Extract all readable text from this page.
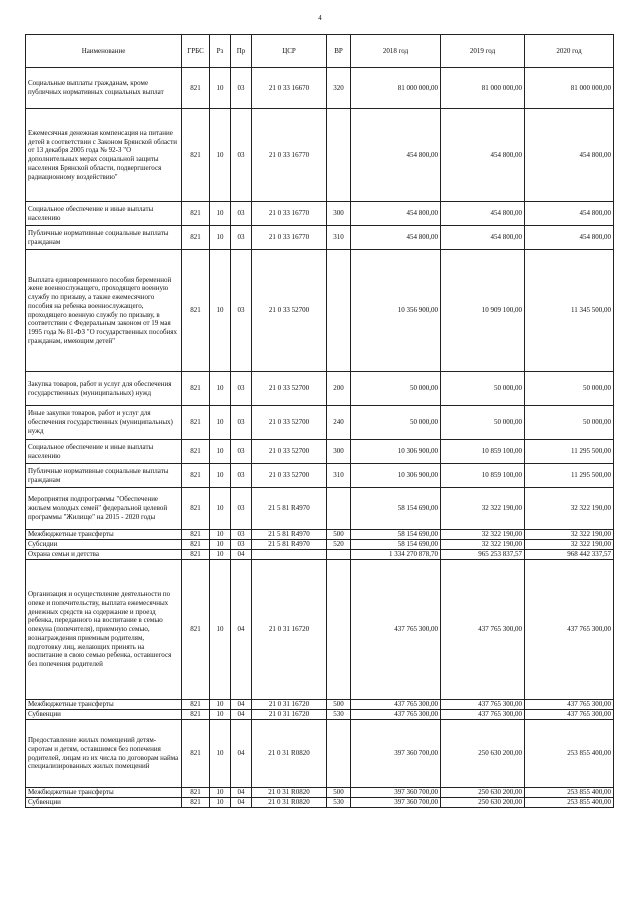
4
Наименование	ГРБС	Рз	Пр	ЦСР	ВР	2018 год	2019 год	2020 год
Социальные выплаты гражданам, кроме публичных нормативных социальных выплат	821	10	03	21 0 33 16670	320	81 000 000,00	81 000 000,00	81 000 000,00
Ежемесячная денежная компенсация на питание детей в соответствии с Законом Брянской области от 13 декабря 2005 года № 92-З "О дополнительных мерах социальной защиты населения Брянской области, подвергшегося радиационному воздействию"	821	10	03	21 0 33 16770		454 800,00	454 800,00	454 800,00
Социальное обеспечение и иные выплаты населению	821	10	03	21 0 33 16770	300	454 800,00	454 800,00	454 800,00
Публичные нормативные социальные выплаты гражданам	821	10	03	21 0 33 16770	310	454 800,00	454 800,00	454 800,00
Выплата единовременного пособия беременной жене военнослужащего, проходящего военную службу по призыву, а также ежемесячного пособия на ребенка военнослужащего, проходящего военную службу по призыву, в соответствии с Федеральным законом от 19 мая 1995 года № 81-ФЗ "О государственных пособиях гражданам, имеющим детей"	821	10	03	21 0 33 52700		10 356 900,00	10 909 100,00	11 345 500,00
Закупка товаров, работ и услуг для обеспечения государственных (муниципальных) нужд	821	10	03	21 0 33 52700	200	50 000,00	50 000,00	50 000,00
Иные закупки товаров, работ и услуг для обеспечения государственных (муниципальных) нужд	821	10	03	21 0 33 52700	240	50 000,00	50 000,00	50 000,00
Социальное обеспечение и иные выплаты населению	821	10	03	21 0 33 52700	300	10 306 900,00	10 859 100,00	11 295 500,00
Публичные нормативные социальные выплаты гражданам	821	10	03	21 0 33 52700	310	10 306 900,00	10 859 100,00	11 295 500,00
Мероприятия подпрограммы "Обеспечение жильем молодых семей" федеральной целевой программы "Жилище" на 2015 - 2020 годы	821	10	03	21 5 81 R4970		58 154 690,00	32 322 190,00	32 322 190,00
Межбюджетные трансферты	821	10	03	21 5 81 R4970	500	58 154 690,00	32 322 190,00	32 322 190,00
Субсидии	821	10	03	21 5 81 R4970	520	58 154 690,00	32 322 190,00	32 322 190,00
Охрана семьи и детства	821	10	04			1 334 270 878,70	965 253 837,57	968 442 337,57
Организация и осуществление деятельности по опеке и попечительству, выплата ежемесячных денежных средств на содержание и проезд ребенка, переданного на воспитание в семью опекуна (попечителя), приемную семью, вознаграждения приемным родителям, подготовку лиц, желающих принять на воспитание в свою семью ребенка, оставшегося без попечения родителей	821	10	04	21 0 31 16720		437 765 300,00	437 765 300,00	437 765 300,00
Межбюджетные трансферты	821	10	04	21 0 31 16720	500	437 765 300,00	437 765 300,00	437 765 300,00
Субвенции	821	10	04	21 0 31 16720	530	437 765 300,00	437 765 300,00	437 765 300,00
Предоставление жилых помещений детям-сиротам и детям, оставшимся без попечения родителей, лицам из их числа по договорам найма специализированных жилых помещений	821	10	04	21 0 31 R0820		397 360 700,00	250 630 200,00	253 855 400,00
Межбюджетные трансферты	821	10	04	21 0 31 R0820	500	397 360 700,00	250 630 200,00	253 855 400,00
Субвенции	821	10	04	21 0 31 R0820	530	397 360 700,00	250 630 200,00	253 855 400,00
